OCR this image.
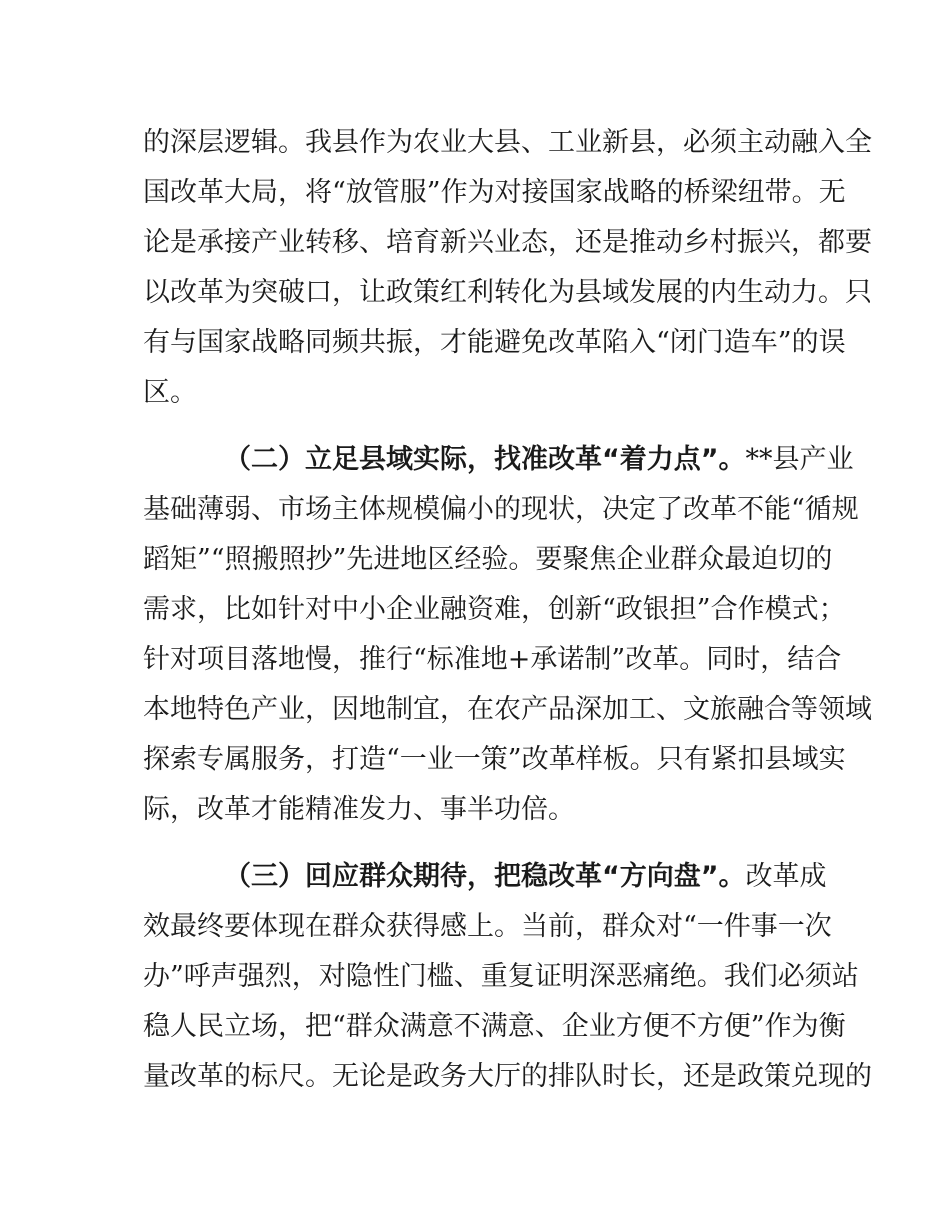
的深层逻辑。我县作为农业大县、工业新县，必须主动融入全
国改革大局，将“放管服”作为对接国家战略的桥梁纽带。无
论是承接产业转移、培育新兴业态，还是推动乡村振兴，都要
以改革为突破口，让政策红利转化为县域发展的内生动力。只
有与国家战略同频共振，才能避免改革陷入“闭门造车”的误
区。
（二）立足县域实际，找准改革“着力点”。**县产业
基础薄弱、市场主体规模偏小的现状，决定了改革不能“循规
蹈矩”“照搬照抄”先进地区经验。要聚焦企业群众最迫切的
需求，比如针对中小企业融资难，创新“政银担”合作模式；
针对项目落地慢，推行“标准地+承诺制”改革。同时，结合
本地特色产业，因地制宜，在农产品深加工、文旅融合等领域
探索专属服务，打造“一业一策”改革样板。只有紧扣县域实
际，改革才能精准发力、事半功倍。
（三）回应群众期待，把稳改革“方向盘”。改革成
效最终要体现在群众获得感上。当前，群众对“一件事一次
办”呼声强烈，对隐性门槛、重复证明深恶痛绝。我们必须站
稳人民立场，把“群众满意不满意、企业方便不方便”作为衡
量改革的标尺。无论是政务大厅的排队时长，还是政策兑现的
